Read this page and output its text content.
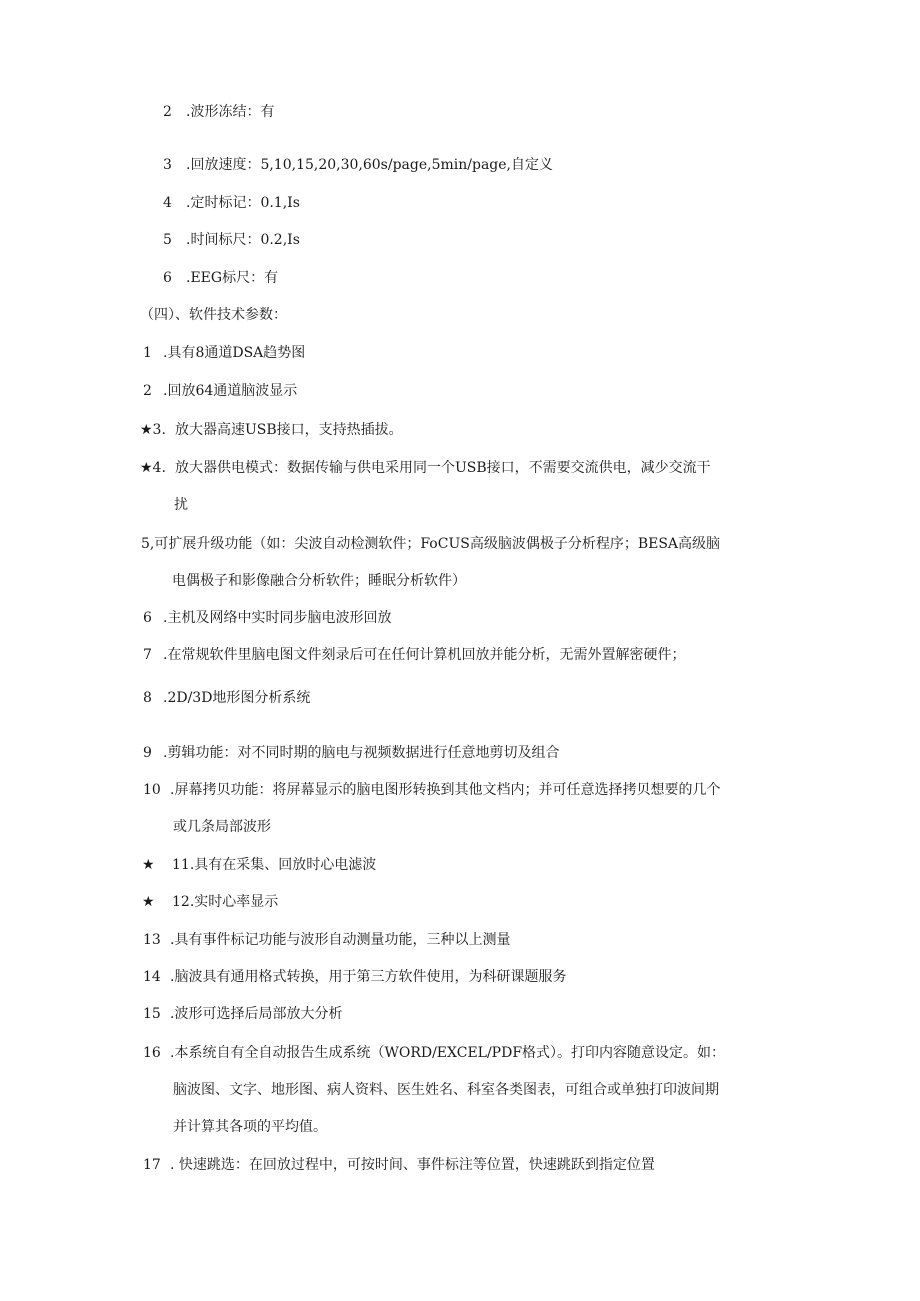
2 .波形冻结：有
3 .回放速度：5,10,15,20,30,60s/page,5min/page,自定义
4 .定时标记：0.1,Is
5 .时间标尺：0.2,Is
6 .EEG标尺：有
（四）、软件技术参数：
1 .具有8通道DSA趋势图
2 .回放64通道脑波显示
★3. 放大器高速USB接口，支持热插拔。
★4. 放大器供电模式：数据传输与供电采用同一个USB接口，不需要交流供电，减少交流干
扰
5,可扩展升级功能（如：尖波自动检测软件；FoCUS高级脑波偶极子分析程序；BESA高级脑
电偶极子和影像融合分析软件；睡眠分析软件）
6 .主机及网络中实时同步脑电波形回放
7 .在常规软件里脑电图文件刻录后可在任何计算机回放并能分析，无需外置解密硬件；
8 .2D/3D地形图分析系统
9 .剪辑功能：对不同时期的脑电与视频数据进行任意地剪切及组合
10 .屏幕拷贝功能：将屏幕显示的脑电图形转换到其他文档内；并可任意选择拷贝想要的几个
或几条局部波形
★ 11.具有在采集、回放时心电滤波
★ 12.实时心率显示
13 .具有事件标记功能与波形自动测量功能，三种以上测量
14 .脑波具有通用格式转换，用于第三方软件使用，为科研课题服务
15 .波形可选择后局部放大分析
16 .本系统自有全自动报告生成系统（WORD/EXCEL/PDF格式）。打印内容随意设定。如：
脑波图、文字、地形图、病人资料、医生姓名、科室各类图表，可组合或单独打印波间期
并计算其各项的平均值。
17 . 快速跳选：在回放过程中，可按时间、事件标注等位置，快速跳跃到指定位置
